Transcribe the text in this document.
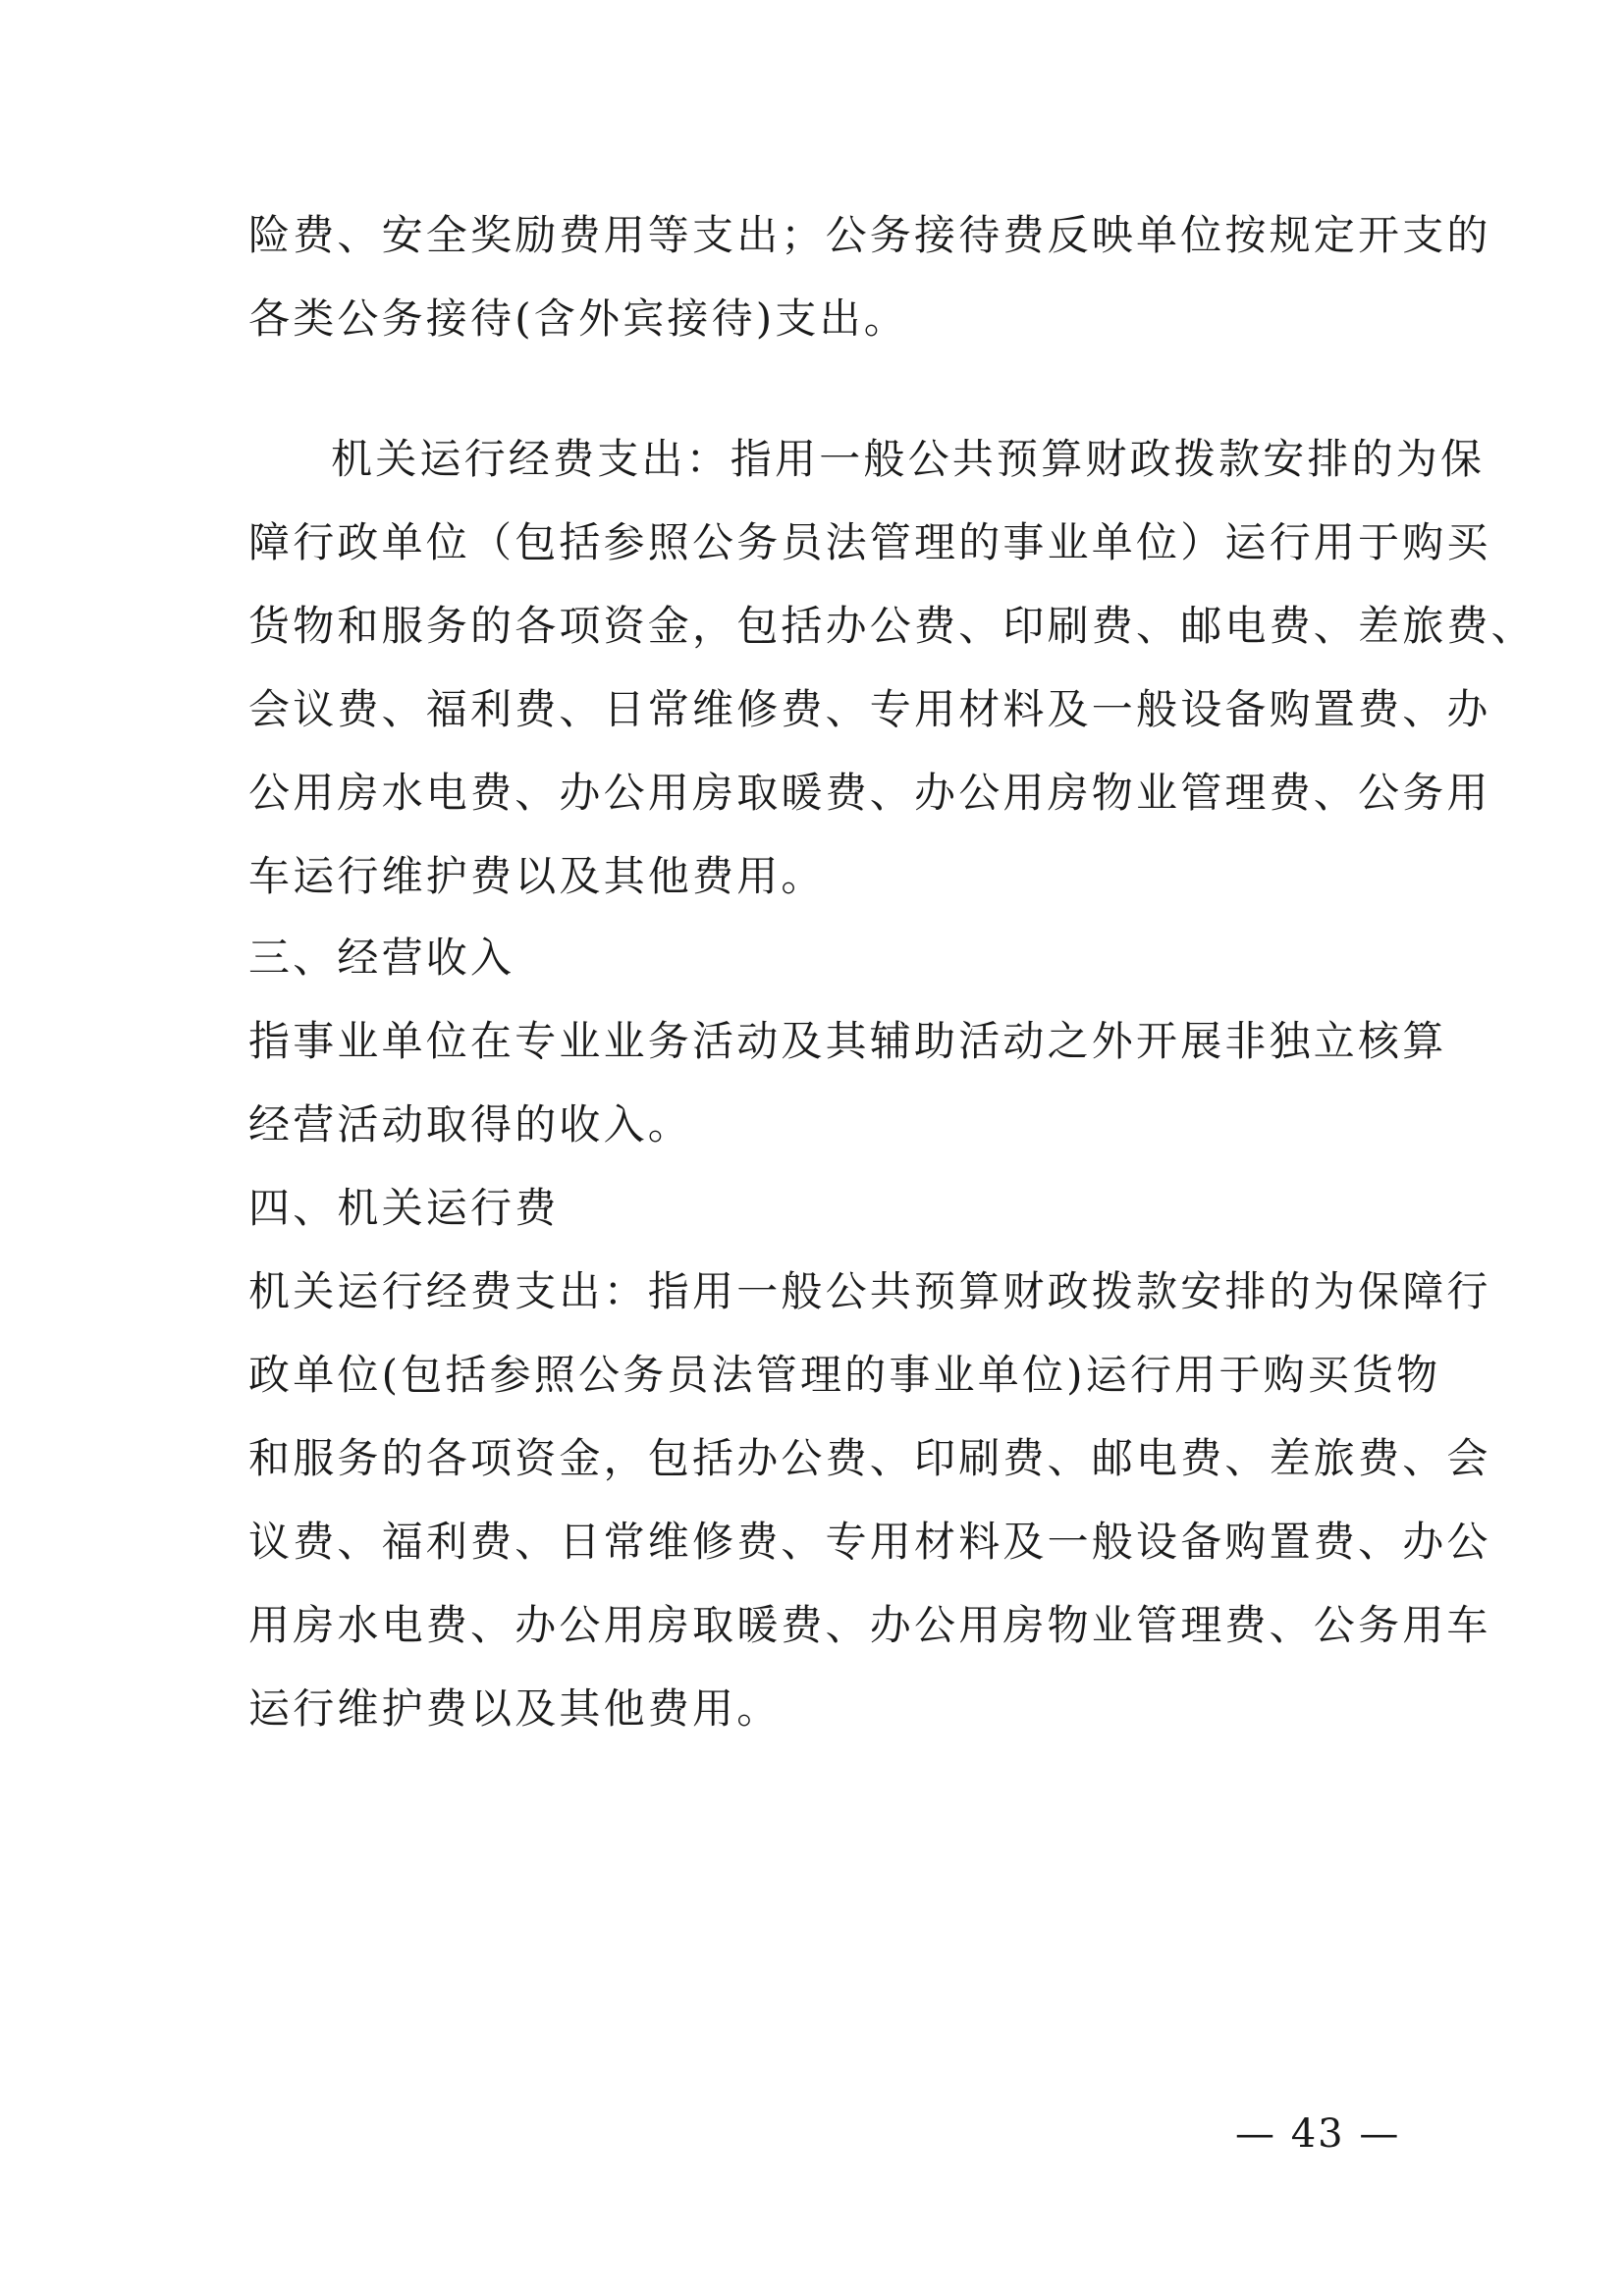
险费、安全奖励费用等支出；公务接待费反映单位按规定开支的
各类公务接待(含外宾接待)支出。
机关运行经费支出：指用一般公共预算财政拨款安排的为保
障行政单位（包括参照公务员法管理的事业单位）运行用于购买
货物和服务的各项资金，包括办公费、印刷费、邮电费、差旅费、
会议费、福利费、日常维修费、专用材料及一般设备购置费、办
公用房水电费、办公用房取暖费、办公用房物业管理费、公务用
车运行维护费以及其他费用。
三、经营收入
指事业单位在专业业务活动及其辅助活动之外开展非独立核算
经营活动取得的收入。
四、机关运行费
机关运行经费支出：指用一般公共预算财政拨款安排的为保障行
政单位(包括参照公务员法管理的事业单位)运行用于购买货物
和服务的各项资金，包括办公费、印刷费、邮电费、差旅费、会
议费、福利费、日常维修费、专用材料及一般设备购置费、办公
用房水电费、办公用房取暖费、办公用房物业管理费、公务用车
运行维护费以及其他费用。
— 43 —
